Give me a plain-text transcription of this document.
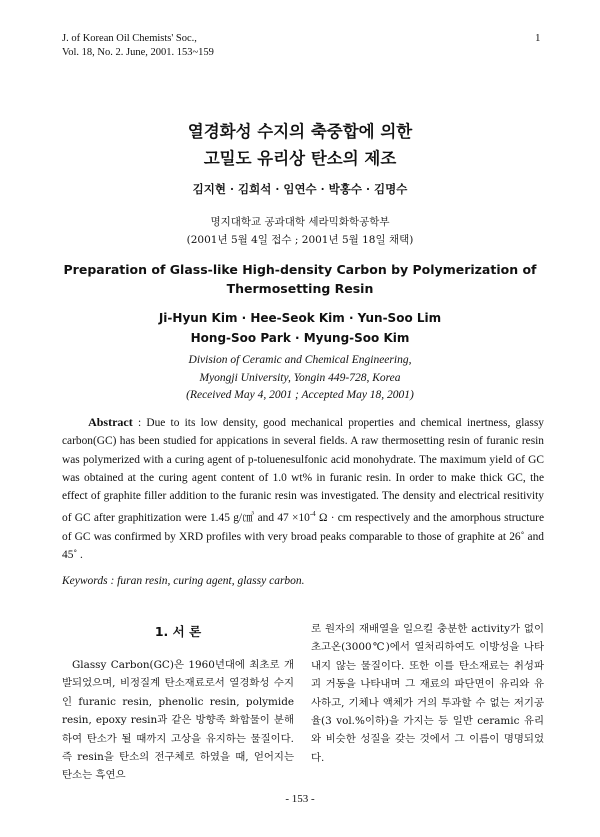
J. of Korean Oil Chemists' Soc.,
Vol. 18, No. 2. June, 2001. 153~159
1
열경화성 수지의 축중합에 의한
고밀도 유리상 탄소의 제조
김지현 · 김희석 · 임연수 · 박홍수 · 김명수
명지대학교 공과대학 세라믹화학공학부
(2001년 5월 4일 접수 ; 2001년 5월 18일 채택)
Preparation of Glass-like High-density Carbon by Polymerization of
Thermosetting Resin
Ji-Hyun Kim · Hee-Seok Kim · Yun-Soo Lim
Hong-Soo Park · Myung-Soo Kim
Division of Ceramic and Chemical Engineering,
Myongji University, Yongin 449-728, Korea
(Received May 4, 2001 ; Accepted May 18, 2001)
Abstract : Due to its low density, good mechanical properties and chemical inertness, glassy carbon(GC) has been studied for appications in several fields. A raw thermosetting resin of furanic resin was polymerized with a curing agent of p-toluenesulfonic acid monohydrate. The maximum yield of GC was obtained at the curing agent content of 1.0 wt% in furanic resin. In order to make thick GC, the effect of graphite filler addition to the furanic resin was investigated. The density and electrical resitivity of GC after graphitization were 1.45 g/㎤ and $47 \times 10^{-4}$ Ω · cm respectively and the amorphous structure of GC was confirmed by XRD profiles with very broad peaks comparable to those of graphite at 26˚ and 45˚ .
Keywords : furan resin, curing agent, glassy carbon.
1. 서 론
Glassy Carbon(GC)은 1960년대에 최초로 개발되었으며, 비정질계 탄소재료로서 열경화성 수지인 furanic resin, phenolic resin, polymide resin, epoxy resin과 같은 방향족 화합물이 분해하여 탄소가 될 때까지 고상을 유지하는 물질이다. 즉 resin을 탄소의 전구체로 하였을 때, 얻어지는 탄소는 흑연으
로 원자의 재배열을 일으킬 충분한 activity가 없이 초고온(3000℃)에서 열처리하여도 이방성을 나타내지 않는 물질이다. 또한 이를 탄소재료는 취성파괴 거동을 나타내며 그 재료의 파단면이 유리와 유사하고, 기체나 액체가 거의 투과할 수 없는 저기공율(3 vol.%이하)을 가지는 등 일반 ceramic 유리와 비슷한 성질을 갖는 것에서 그 이름이 명명되었다.
- 153 -
